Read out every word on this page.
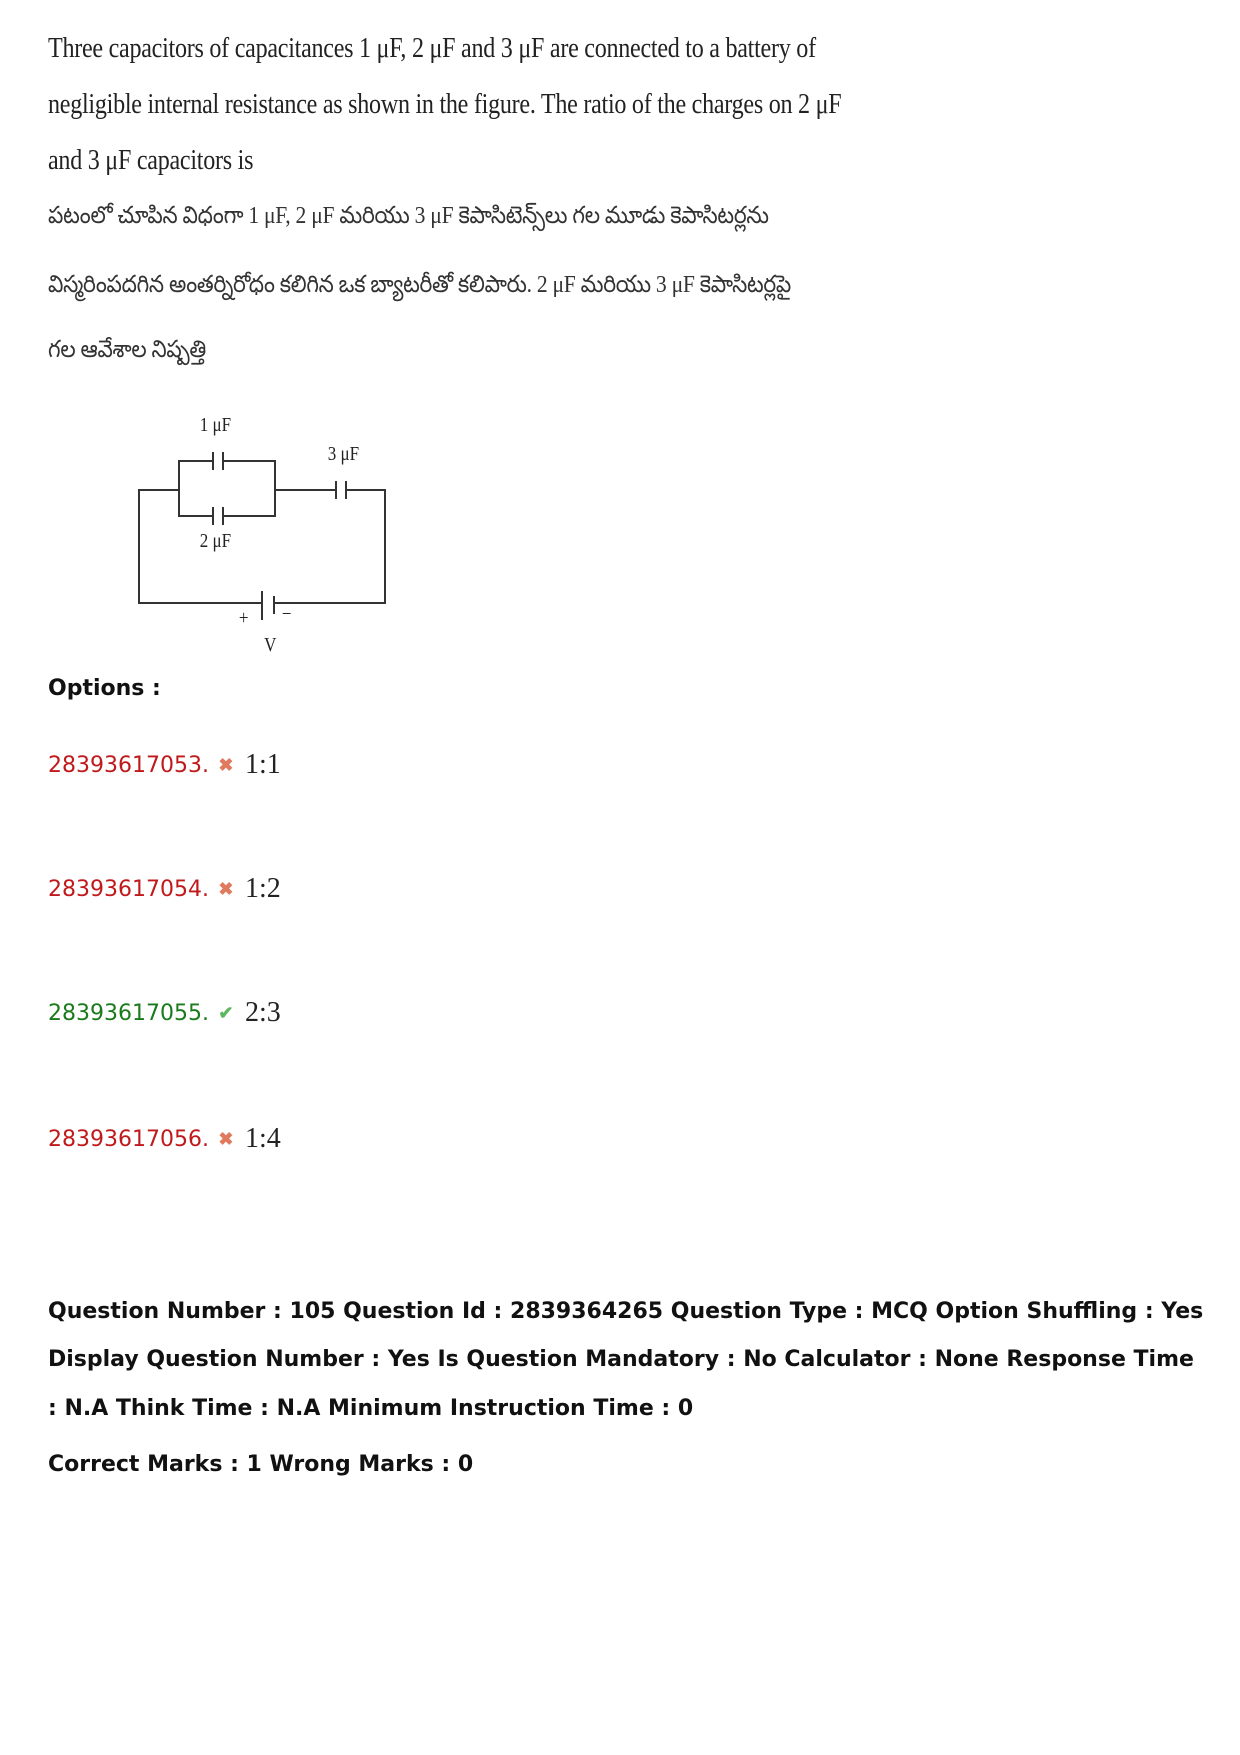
Three capacitors of capacitances 1 μF, 2 μF and 3 μF are connected to a battery of
negligible internal resistance as shown in the figure. The ratio of the charges on 2 μF
and 3 μF capacitors is
పటంలో చూపిన విధంగా 1 μF, 2 μF మరియు 3 μF కెపాసిటెన్స్‌లు గల మూడు కెపాసిటర్లను
విస్మరింపదగిన అంతర్నిరోధం కలిగిన ఒక బ్యాటరీతో కలిపారు. 2 μF మరియు 3 μF కెపాసిటర్లపై
గల ఆవేశాల నిష్పత్తి
1 μF
2 μF
3 μF
+ −
V
Options :
28393617053. ✖ 1:1
28393617054. ✖ 1:2
28393617055. ✔ 2:3
28393617056. ✖ 1:4
Question Number : 105 Question Id : 2839364265 Question Type : MCQ Option Shuffling : Yes
Display Question Number : Yes Is Question Mandatory : No Calculator : None Response Time
: N.A Think Time : N.A Minimum Instruction Time : 0
Correct Marks : 1 Wrong Marks : 0
